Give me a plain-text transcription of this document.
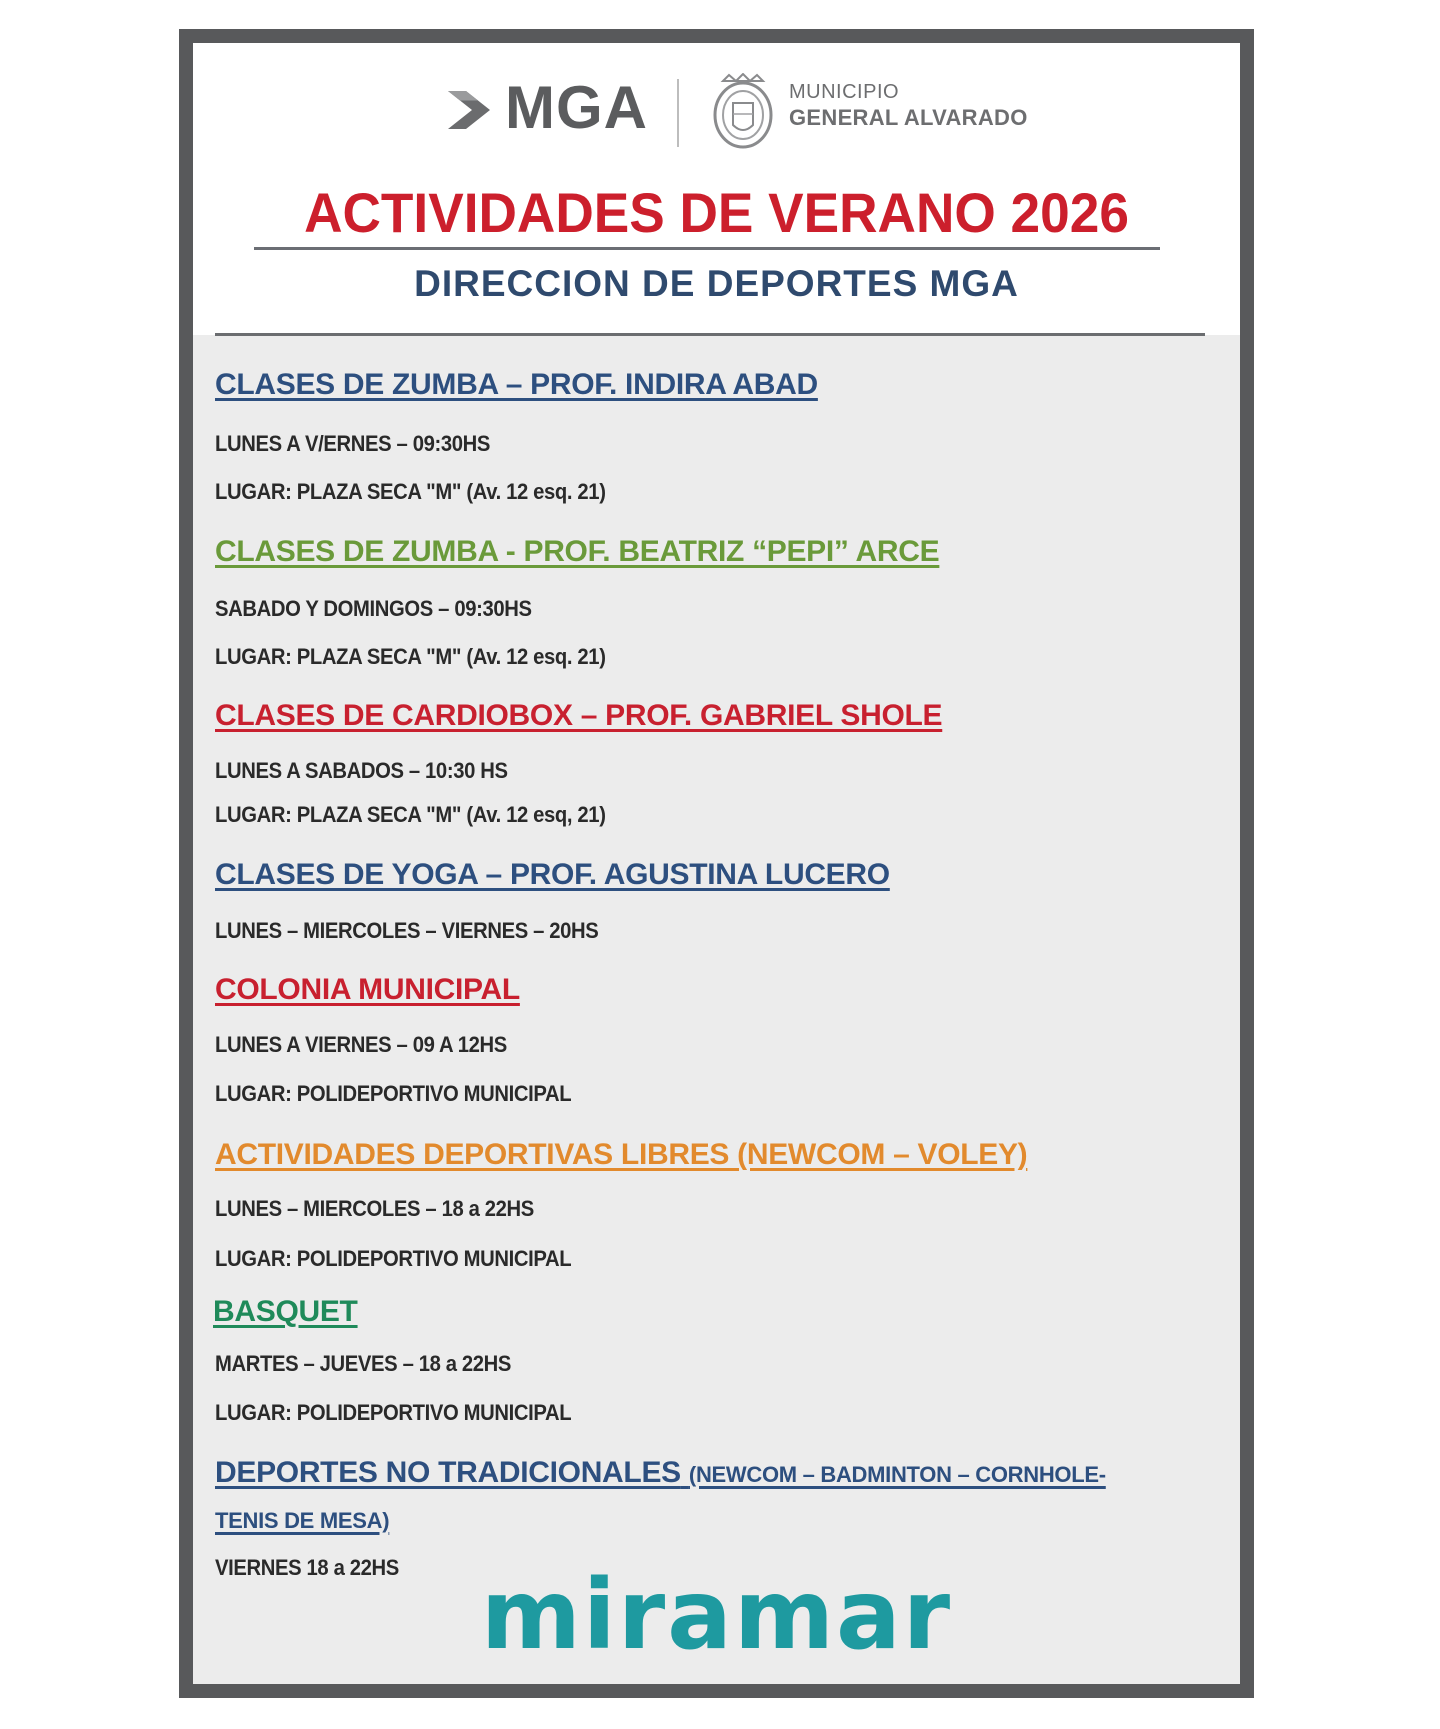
MGA	MUNICIPIO
GENERAL ALVARADO
ACTIVIDADES DE VERANO 2026
DIRECCION DE DEPORTES MGA
CLASES DE ZUMBA – PROF. INDIRA ABAD
LUNES A V/ERNES – 09:30HS
LUGAR: PLAZA SECA "M" (Av. 12 esq. 21)
CLASES DE ZUMBA - PROF. BEATRIZ “PEPI” ARCE
SABADO Y DOMINGOS – 09:30HS
LUGAR: PLAZA SECA "M" (Av. 12 esq. 21)
CLASES DE CARDIOBOX – PROF. GABRIEL SHOLE
LUNES A SABADOS – 10:30 HS
LUGAR: PLAZA SECA "M" (Av. 12 esq, 21)
CLASES DE YOGA – PROF. AGUSTINA LUCERO
LUNES – MIERCOLES – VIERNES – 20HS
COLONIA MUNICIPAL
LUNES A VIERNES – 09 A 12HS
LUGAR: POLIDEPORTIVO MUNICIPAL
ACTIVIDADES DEPORTIVAS LIBRES (NEWCOM – VOLEY)
LUNES – MIERCOLES – 18 a 22HS
LUGAR: POLIDEPORTIVO MUNICIPAL
BASQUET
MARTES – JUEVES – 18 a 22HS
LUGAR: POLIDEPORTIVO MUNICIPAL
DEPORTES NO TRADICIONALES (NEWCOM – BADMINTON – CORNHOLE-
TENIS DE MESA)
VIERNES 18 a 22HS miramar
